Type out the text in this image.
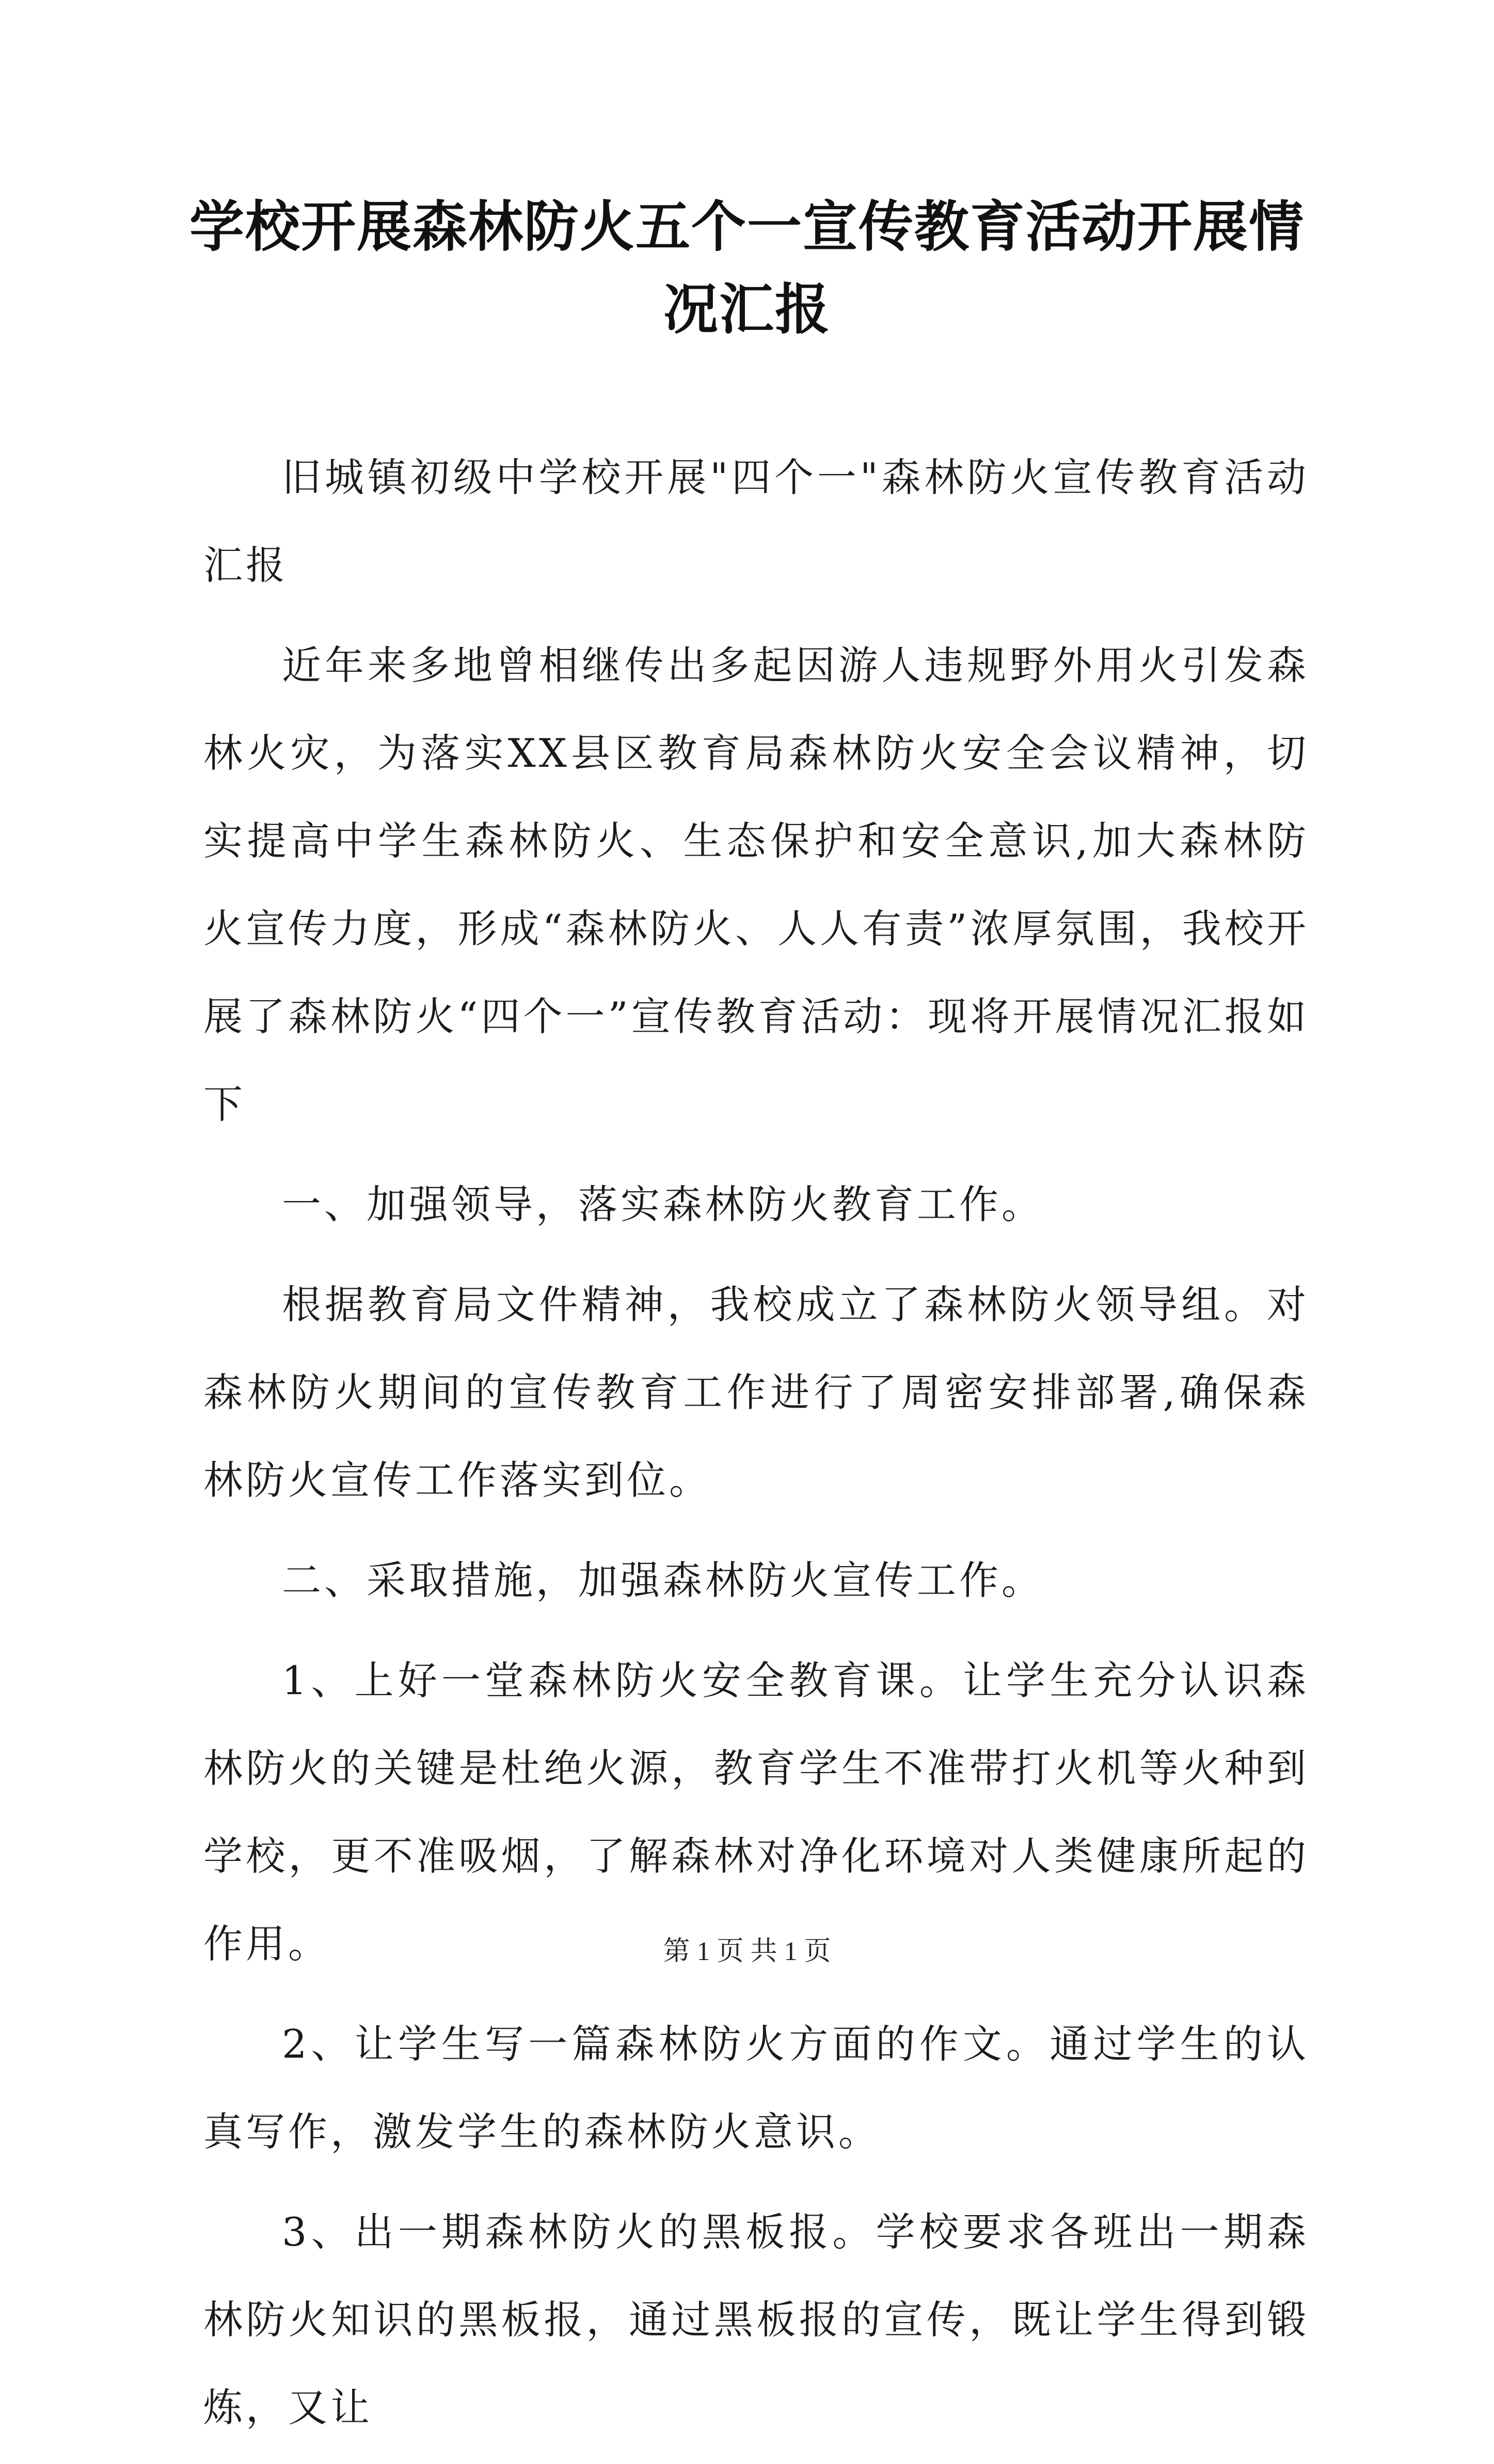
学校开展森林防火五个一宣传教育活动开展情况汇报

旧城镇初级中学校开展"四个一"森林防火宣传教育活动汇报

近年来多地曾相继传出多起因游人违规野外用火引发森林火灾，为落实XX县区教育局森林防火安全会议精神，切实提高中学生森林防火、生态保护和安全意识,加大森林防火宣传力度，形成“森林防火、人人有责”浓厚氛围，我校开展了森林防火“四个一”宣传教育活动：现将开展情况汇报如下

一、加强领导，落实森林防火教育工作。

根据教育局文件精神，我校成立了森林防火领导组。对森林防火期间的宣传教育工作进行了周密安排部署,确保森林防火宣传工作落实到位。

二、采取措施，加强森林防火宣传工作。

1、上好一堂森林防火安全教育课。让学生充分认识森林防火的关键是杜绝火源，教育学生不准带打火机等火种到学校，更不准吸烟，了解森林对净化环境对人类健康所起的作用。

2、让学生写一篇森林防火方面的作文。通过学生的认真写作，激发学生的森林防火意识。

3、出一期森林防火的黑板报。学校要求各班出一期森林防火知识的黑板报，通过黑板报的宣传，既让学生得到锻炼，又让

第 1 页 共 1 页
